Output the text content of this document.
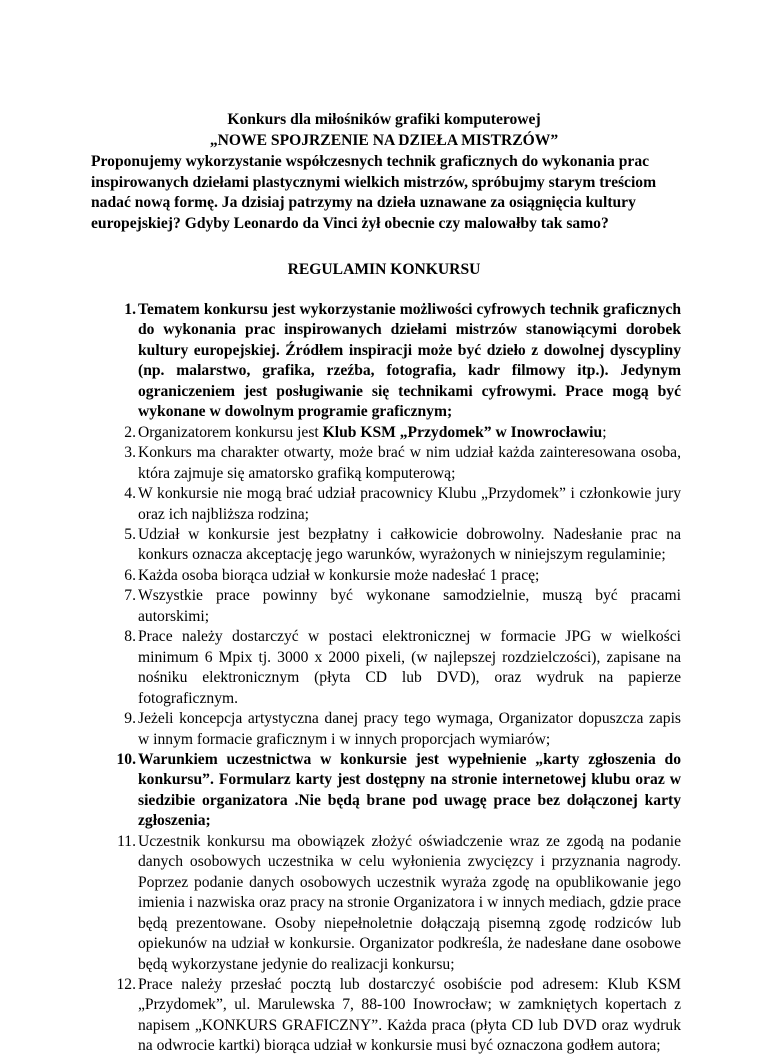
Konkurs dla miłośników grafiki komputerowej
„NOWE SPOJRZENIE NA DZIEŁA MISTRZÓW”
Proponujemy wykorzystanie współczesnych technik graficznych do wykonania prac inspirowanych dziełami plastycznymi wielkich mistrzów, spróbujmy starym treściom nadać nową formę. Ja dzisiaj patrzymy na dzieła uznawane za osiągnięcia kultury europejskiej? Gdyby Leonardo da Vinci żył obecnie czy malowałby tak samo?
REGULAMIN KONKURSU
1. Tematem konkursu jest wykorzystanie możliwości cyfrowych technik graficznych do wykonania prac inspirowanych dziełami mistrzów stanowiącymi dorobek kultury europejskiej. Źródłem inspiracji może być dzieło z dowolnej dyscypliny (np. malarstwo, grafika, rzeźba, fotografia, kadr filmowy itp.). Jedynym ograniczeniem jest posługiwanie się technikami cyfrowymi. Prace mogą być wykonane w dowolnym programie graficznym;
2. Organizatorem konkursu jest Klub KSM „Przydomek” w Inowrocławiu;
3. Konkurs ma charakter otwarty, może brać w nim udział każda zainteresowana osoba, która zajmuje się amatorsko grafiką komputerową;
4. W konkursie nie mogą brać udział pracownicy Klubu „Przydomek” i członkowie jury oraz ich najbliższa rodzina;
5. Udział w konkursie jest bezpłatny i całkowicie dobrowolny. Nadesłanie prac na konkurs oznacza akceptację jego warunków, wyrażonych w niniejszym regulaminie;
6. Każda osoba biorąca udział w konkursie może nadesłać 1 pracę;
7. Wszystkie prace powinny być wykonane samodzielnie, muszą być pracami autorskimi;
8. Prace należy dostarczyć w postaci elektronicznej w formacie JPG w wielkości minimum 6 Mpix tj. 3000 x 2000 pixeli, (w najlepszej rozdzielczości), zapisane na nośniku elektronicznym (płyta CD lub DVD), oraz wydruk na papierze fotograficznym.
9. Jeżeli koncepcja artystyczna danej pracy tego wymaga, Organizator dopuszcza zapis w innym formacie graficznym i w innych proporcjach wymiarów;
10. Warunkiem uczestnictwa w konkursie jest wypełnienie „karty zgłoszenia do konkursu”. Formularz karty jest dostępny na stronie internetowej klubu oraz w siedzibie organizatora .Nie będą brane pod uwagę prace bez dołączonej karty zgłoszenia;
11. Uczestnik konkursu ma obowiązek złożyć oświadczenie wraz ze zgodą na podanie danych osobowych uczestnika w celu wyłonienia zwycięzcy i przyznania nagrody. Poprzez podanie danych osobowych uczestnik wyraża zgodę na opublikowanie jego imienia i nazwiska oraz pracy na stronie Organizatora i w innych mediach, gdzie prace będą prezentowane. Osoby niepełnoletnie dołączają pisemną zgodę rodziców lub opiekunów na udział w konkursie. Organizator podkreśla, że nadesłane dane osobowe będą wykorzystane jedynie do realizacji konkursu;
12. Prace należy przesłać pocztą lub dostarczyć osobiście pod adresem: Klub KSM „Przydomek”, ul. Marulewska 7, 88-100 Inowrocław; w zamkniętych kopertach z napisem „KONKURS GRAFICZNY”. Każda praca (płyta CD lub DVD oraz wydruk na odwrocie kartki) biorąca udział w konkursie musi być oznaczona godłem autora;
